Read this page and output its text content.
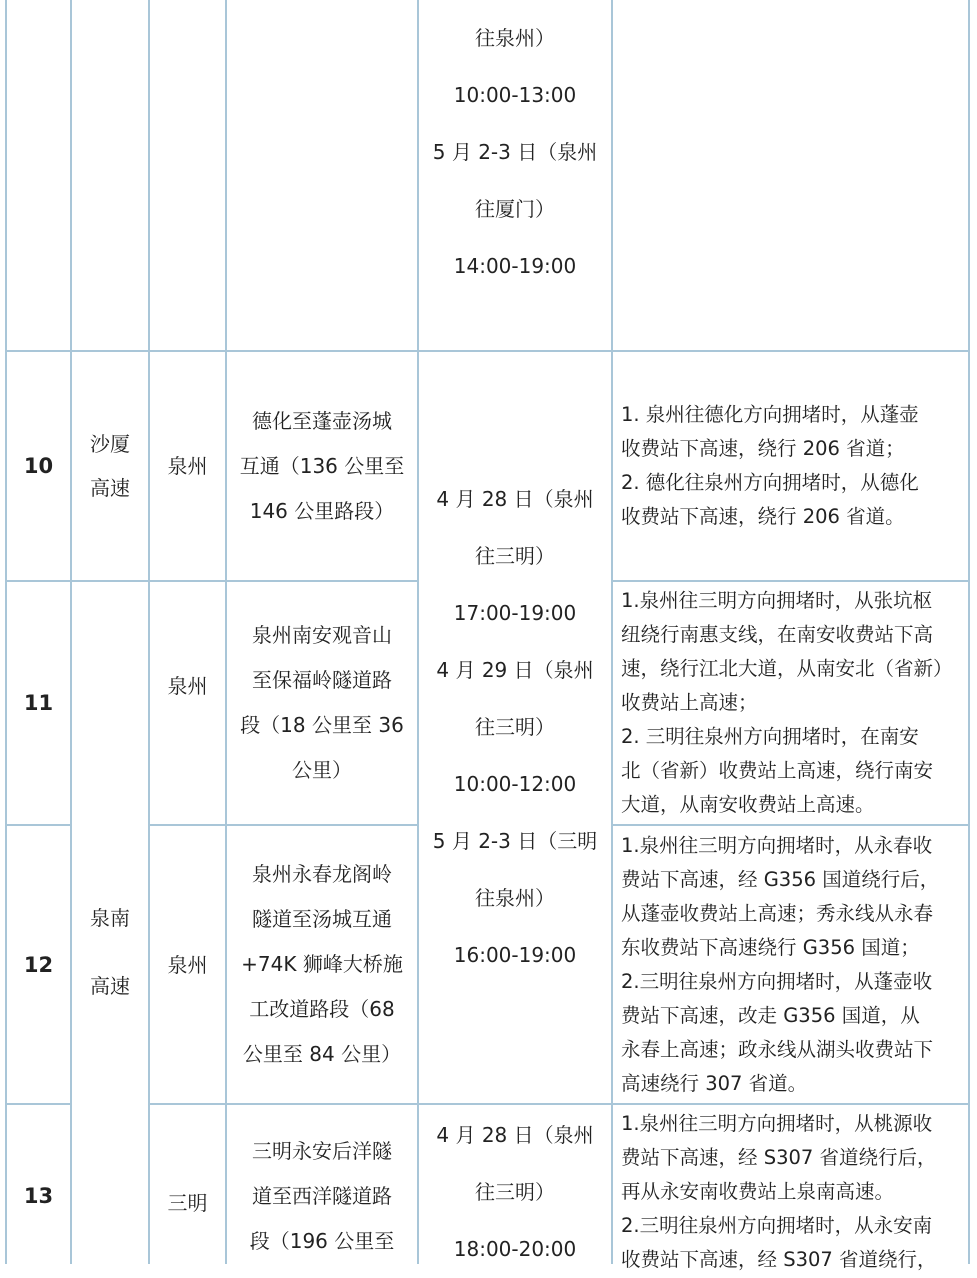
往泉州）
10:00-13:00
5 月 2-3 日（泉州
往厦门）
14:00-19:00
10
沙厦
高速
泉州
德化至蓬壶汤城
互通（136 公里至
146 公里路段）
1. 泉州往德化方向拥堵时，从蓬壶
收费站下高速，绕行 206 省道；
2. 德化往泉州方向拥堵时，从德化
收费站下高速，绕行 206 省道。
4 月 28 日（泉州
往三明）
17:00-19:00
4 月 29 日（泉州
往三明）
10:00-12:00
5 月 2-3 日（三明
往泉州）
16:00-19:00
泉南
高速
11
泉州
泉州南安观音山
至保福岭隧道路
段（18 公里至 36
公里）
1.泉州往三明方向拥堵时，从张坑枢
纽绕行南惠支线，在南安收费站下高
速，绕行江北大道，从南安北（省新）
收费站上高速；
2. 三明往泉州方向拥堵时，在南安
北（省新）收费站上高速，绕行南安
大道，从南安收费站上高速。
12	泉州
泉州永春龙阁岭
隧道至汤城互通
+74K 狮峰大桥施
工改道路段（68
公里至 84 公里）
1.泉州往三明方向拥堵时，从永春收
费站下高速，经 G356 国道绕行后，
从蓬壶收费站上高速；秀永线从永春
东收费站下高速绕行 G356 国道；
2.三明往泉州方向拥堵时，从蓬壶收
费站下高速，改走 G356 国道，从
永春上高速；政永线从湖头收费站下
高速绕行 307 省道。
13	三明
三明永安后洋隧
道至西洋隧道路
段（196 公里至
4 月 28 日（泉州
往三明）
18:00-20:00
1.泉州往三明方向拥堵时，从桃源收
费站下高速，经 S307 省道绕行后，
再从永安南收费站上泉南高速。
2.三明往泉州方向拥堵时，从永安南
收费站下高速，经 S307 省道绕行，
